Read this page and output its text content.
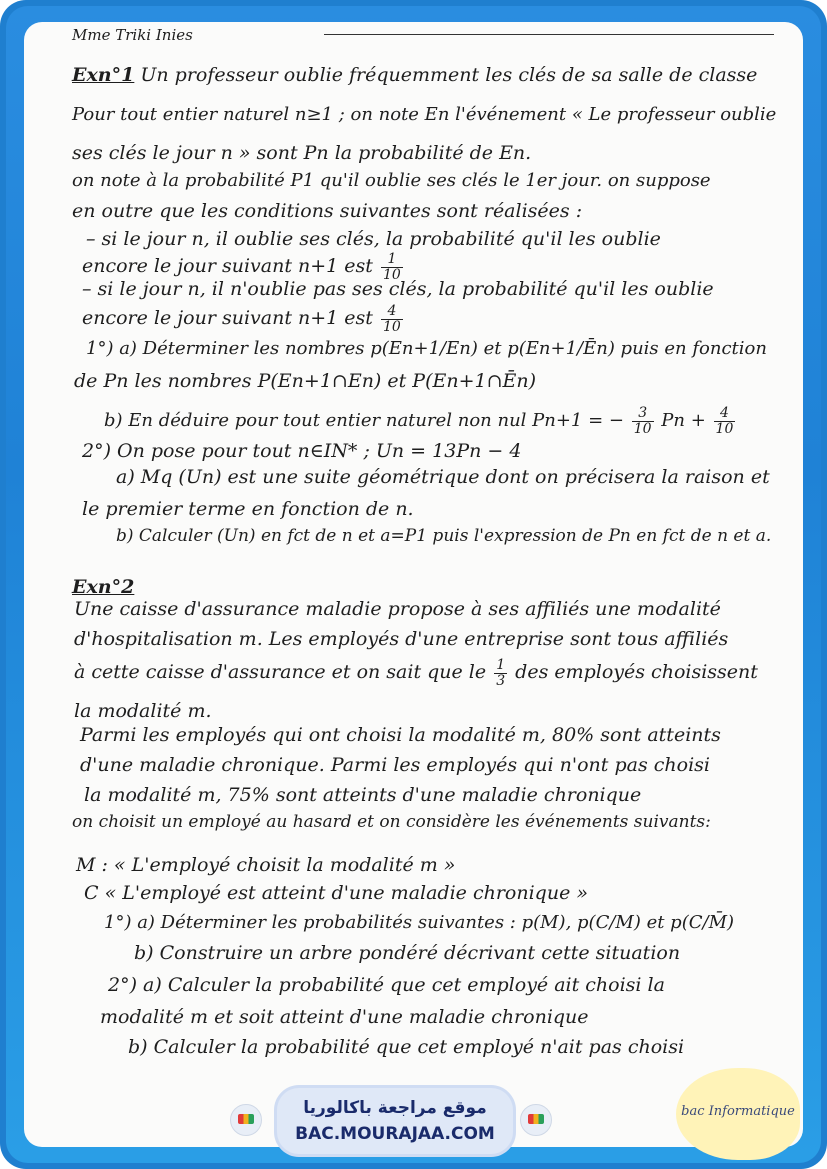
Mme Triki Inies
Exn°1 Un professeur oublie fréquemment les clés de sa salle de classe
Pour tout entier naturel n≥1 ; on note En l'événement « Le professeur oublie
ses clés le jour n » sont Pn la probabilité de En.
on note à la probabilité P1 qu'il oublie ses clés le 1er jour. on suppose
en outre que les conditions suivantes sont réalisées :
– si le jour n, il oublie ses clés, la probabilité qu'il les oublie
encore le jour suivant n+1 est $\frac{1}{10}$
– si le jour n, il n'oublie pas ses clés, la probabilité qu'il les oublie
encore le jour suivant n+1 est $\frac{4}{10}$
1°) a) Déterminer les nombres p(En+1/En) et p(En+1/Ēn) puis en fonction
de Pn les nombres P(En+1∩En) et P(En+1∩Ēn)
b) En déduire pour tout entier naturel non nul Pn+1 = − $\frac{3}{10}$ $Pn + \frac{4}{10}$
2°) On pose pour tout n∈IN* ; Un = 13Pn − 4
a) Mq (Un) est une suite géométrique dont on précisera la raison et
le premier terme en fonction de n.
b) Calculer (Un) en fct de n et a=P1 puis l'expression de Pn en fct de n et a.
Exn°2
Une caisse d'assurance maladie propose à ses affiliés une modalité
d'hospitalisation m. Les employés d'une entreprise sont tous affiliés
à cette caisse d'assurance et on sait que le $\frac{1}{3}$ des employés choisissent
la modalité m.
Parmi les employés qui ont choisi la modalité m, 80% sont atteints
d'une maladie chronique. Parmi les employés qui n'ont pas choisi
la modalité m, 75% sont atteints d'une maladie chronique
on choisit un employé au hasard et on considère les événements suivants:
M : « L'employé choisit la modalité m »
C « L'employé est atteint d'une maladie chronique »
1°) a) Déterminer les probabilités suivantes : p(M), p(C/M) et p(C/M̄)
b) Construire un arbre pondéré décrivant cette situation
2°) a) Calculer la probabilité que cet employé ait choisi la
modalité m et soit atteint d'une maladie chronique
b) Calculer la probabilité que cet employé n'ait pas choisi
موقع مراجعة باكالوريا
BAC.MOURAJAA.COM
bac Informatique
